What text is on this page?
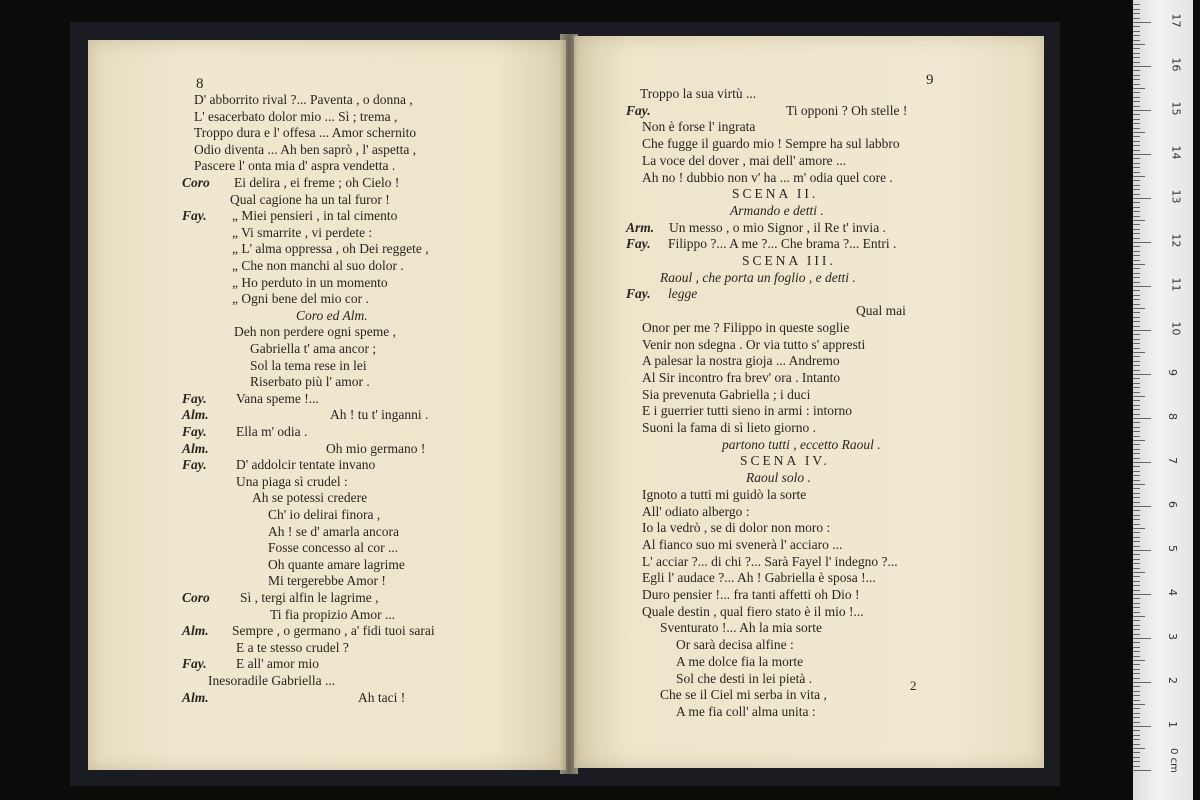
8	9
2
D' abborrito rival ?... Paventa , o donna ,
L' esacerbato dolor mio ... Sì ; trema ,
Troppo dura e l' offesa ... Amor schernito
Odio diventa ... Ah ben saprò , l' aspetta ,
Pascere l' onta mia d' aspra vendetta .
Coro Ei delira , ei freme ; oh Cielo !
Qual cagione ha un tal furor !
Fay. „ Miei pensieri , in tal cimento
„ Vi smarrite , vi perdete :
„ L' alma oppressa , oh Dei reggete ,
„ Che non manchi al suo dolor .
„ Ho perduto in un momento
„ Ogni bene del mio cor .
Coro ed Alm.
Deh non perdere ogni speme ,
Gabriella t' ama ancor ;
Sol la tema rese in lei
Riserbato più l' amor .
Fay. Vana speme !...
Alm.	Ah ! tu t' inganni .
Fay. Ella m' odia .
Alm.	Oh mio germano !
Fay. D' addolcir tentate invano
Una piaga sì crudel :
Ah se potessi credere
Ch' io delirai finora ,
Ah ! se d' amarla ancora
Fosse concesso al cor ...
Oh quante amare lagrime
Mi tergerebbe Amor !
Coro Sì , tergi alfin le lagrime ,
Ti fia propizio Amor ...
Alm. Sempre , o germano , a' fidi tuoi sarai
E a te stesso crudel ?
Fay. E all' amor mio
Inesoradile Gabriella ...
Alm.	Ah taci !
Troppo la sua virtù ...
Fay.	Ti opponi ? Oh stelle !
Non è forse l' ingrata
Che fugge il guardo mio ! Sempre ha sul labbro
La voce del dover , mai dell' amore ...
Ah no ! dubbio non v' ha ... m' odia quel core .
SCENA II.
Armando e detti .
Arm. Un messo , o mio Signor , il Re t' invia .
Fay. Filippo ?... A me ?... Che brama ?... Entri .
SCENA III.
Raoul , che porta un foglio , e detti .
Fay. legge
Qual mai
Onor per me ? Filippo in queste soglie
Venir non sdegna . Or via tutto s' appresti
A palesar la nostra gioja ... Andremo
Al Sir incontro fra brev' ora . Intanto
Sia prevenuta Gabriella ; i duci
E i guerrier tutti sieno in armi : intorno
Suoni la fama di sì lieto giorno .
partono tutti , eccetto Raoul .
SCENA IV.
Raoul solo .
Ignoto a tutti mi guidò la sorte
All' odiato albergo :
Io la vedrò , se di dolor non moro :
Al fianco suo mi svenerà l' acciaro ...
L' acciar ?... di chi ?... Sarà Fayel l' indegno ?...
Egli l' audace ?... Ah ! Gabriella è sposa !...
Duro pensier !... fra tanti affetti oh Dio !
Quale destin , qual fiero stato è il mio !...
Sventurato !... Ah la mia sorte
Or sarà decisa alfine :
A me dolce fia la morte
Sol che desti in lei pietà .
Che se il Ciel mi serba in vita ,
A me fia coll' alma unita :
0 cm
1
2
3
4
5
6
7
8
9
10
11
12
13
14
15
16
17
